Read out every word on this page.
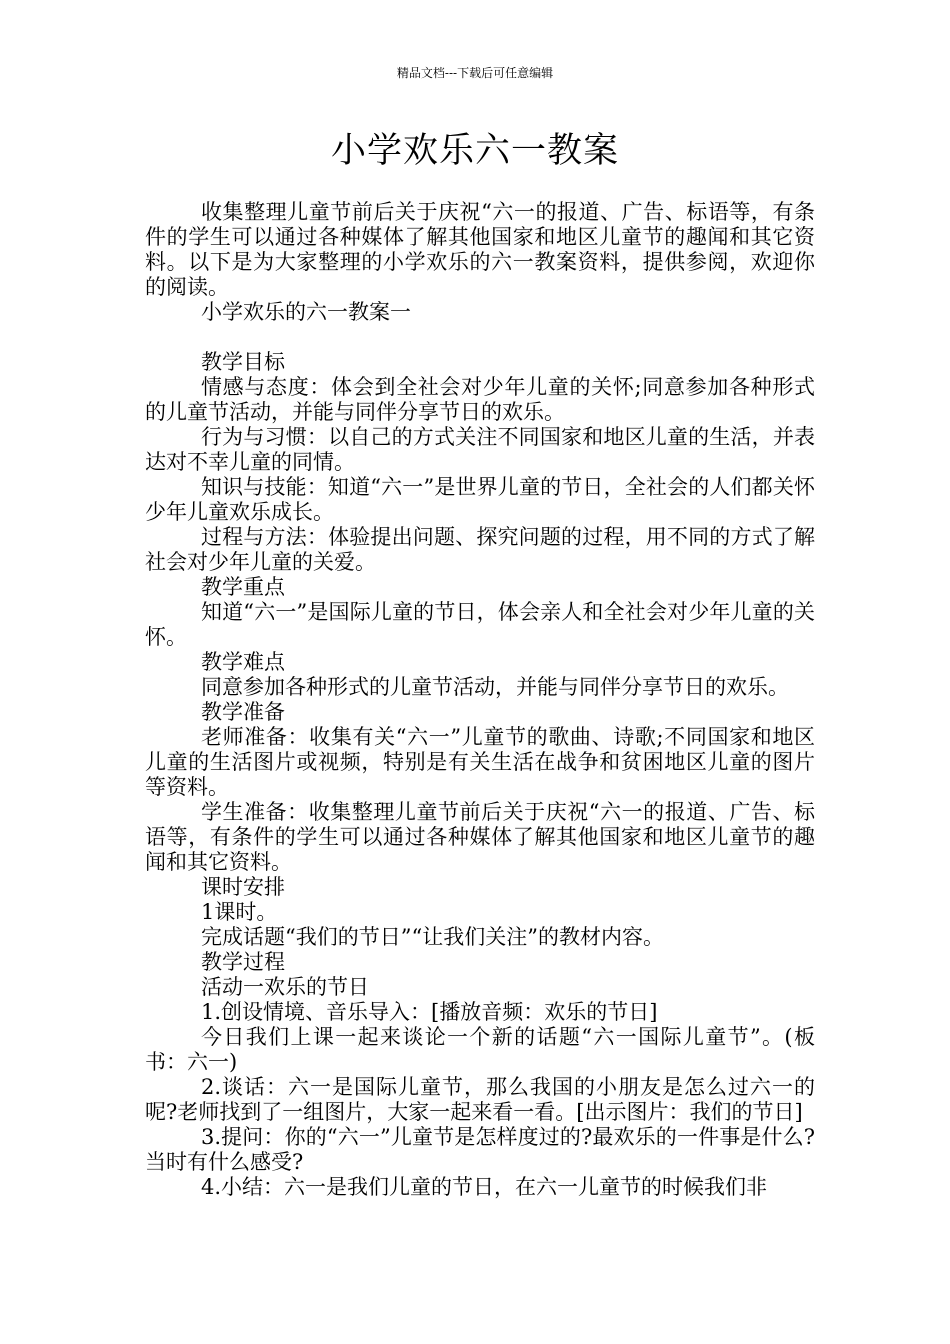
精品文档---下载后可任意编辑
小学欢乐六一教案

收集整理儿童节前后关于庆祝“六一的报道、广告、标语等，有条件的学生可以通过各种媒体了解其他国家和地区儿童节的趣闻和其它资料。以下是为大家整理的小学欢乐的六一教案资料，提供参阅，欢迎你的阅读。

小学欢乐的六一教案一

教学目标

情感与态度：体会到全社会对少年儿童的关怀;同意参加各种形式的儿童节活动，并能与同伴分享节日的欢乐。

行为与习惯：以自己的方式关注不同国家和地区儿童的生活，并表达对不幸儿童的同情。

知识与技能：知道“六一”是世界儿童的节日，全社会的人们都关怀少年儿童欢乐成长。

过程与方法：体验提出问题、探究问题的过程，用不同的方式了解社会对少年儿童的关爱。

教学重点

知道“六一”是国际儿童的节日，体会亲人和全社会对少年儿童的关怀。

教学难点

同意参加各种形式的儿童节活动，并能与同伴分享节日的欢乐。

教学准备

老师准备：收集有关“六一”儿童节的歌曲、诗歌;不同国家和地区儿童的生活图片或视频，特别是有关生活在战争和贫困地区儿童的图片等资料。

学生准备：收集整理儿童节前后关于庆祝“六一的报道、广告、标语等，有条件的学生可以通过各种媒体了解其他国家和地区儿童节的趣闻和其它资料。

课时安排

1课时。

完成话题“我们的节日”“让我们关注”的教材内容。

教学过程

活动一欢乐的节日

1.创设情境、音乐导入：[播放音频：欢乐的节日]

今日我们上课一起来谈论一个新的话题“六一国际儿童节”。(板书：六一)

2.谈话：六一是国际儿童节，那么我国的小朋友是怎么过六一的呢?老师找到了一组图片，大家一起来看一看。[出示图片：我们的节日]

3.提问：你的“六一”儿童节是怎样度过的?最欢乐的一件事是什么?当时有什么感受?

4.小结：六一是我们儿童的节日，在六一儿童节的时候我们非
